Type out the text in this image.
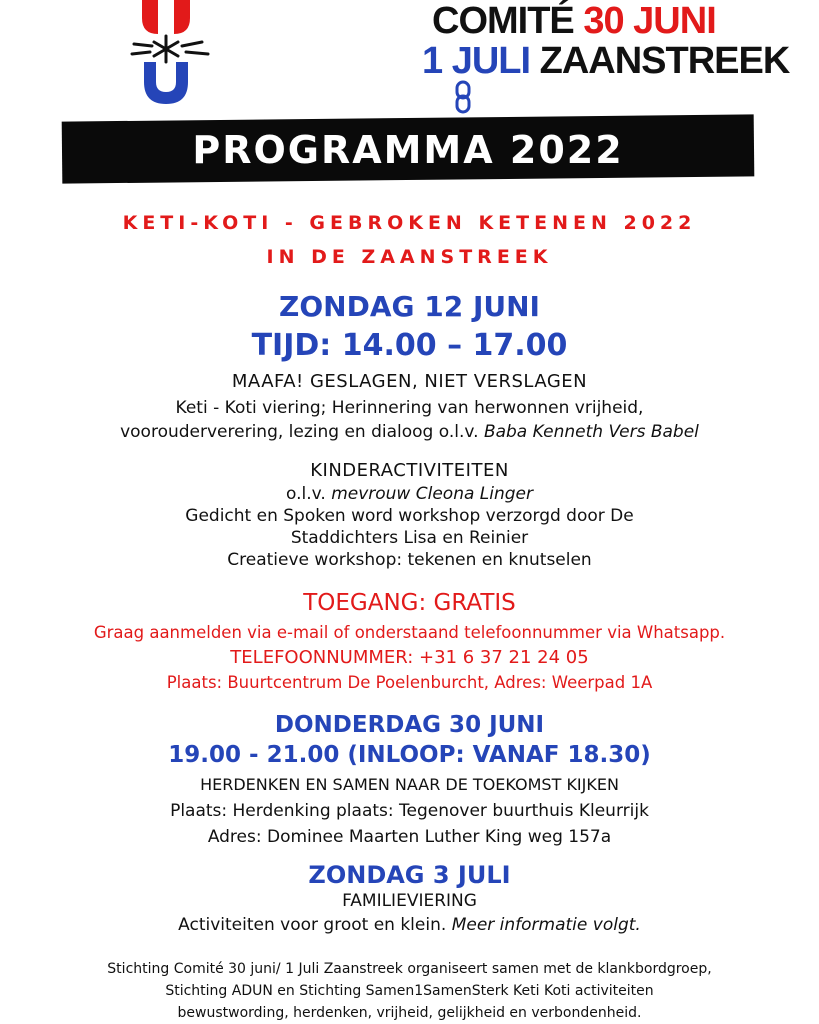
COMITÉ 30 JUNI
1 JULI ZAANSTREEK
PROGRAMMA 2022
KETI-KOTI - GEBROKEN KETENEN 2022
IN DE ZAANSTREEK
ZONDAG 12 JUNI
TIJD: 14.00 – 17.00
MAAFA! GESLAGEN, NIET VERSLAGEN
Keti - Koti viering; Herinnering van herwonnen vrijheid,
voorouderverering, lezing en dialoog o.l.v. Baba Kenneth Vers Babel
KINDERACTIVITEITEN
o.l.v. mevrouw Cleona Linger
Gedicht en Spoken word workshop verzorgd door De
Staddichters Lisa en Reinier
Creatieve workshop: tekenen en knutselen
TOEGANG: GRATIS
Graag aanmelden via e-mail of onderstaand telefoonnummer via Whatsapp.
TELEFOONNUMMER: +31 6 37 21 24 05
Plaats: Buurtcentrum De Poelenburcht, Adres: Weerpad 1A
DONDERDAG 30 JUNI
19.00 - 21.00 (INLOOP: VANAF 18.30)
HERDENKEN EN SAMEN NAAR DE TOEKOMST KIJKEN
Plaats: Herdenking plaats: Tegenover buurthuis Kleurrijk
Adres: Dominee Maarten Luther King weg 157a
ZONDAG 3 JULI
FAMILIEVIERING
Activiteiten voor groot en klein. Meer informatie volgt.
Stichting Comité 30 juni/ 1 Juli Zaanstreek organiseert samen met de klankbordgroep,
Stichting ADUN en Stichting Samen1SamenSterk Keti Koti activiteiten
bewustwording, herdenken, vrijheid, gelijkheid en verbondenheid.
